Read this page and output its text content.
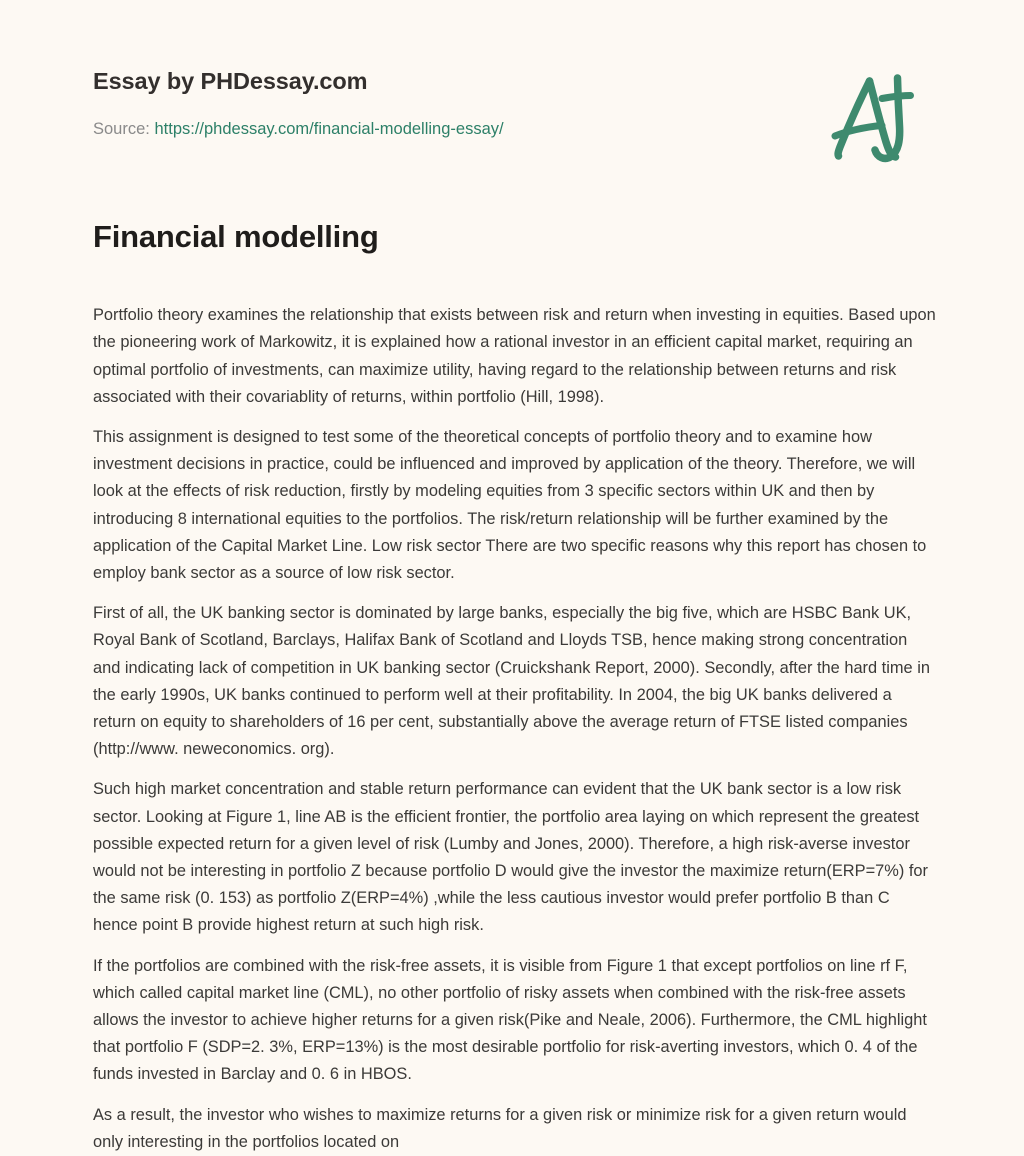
Essay by PHDessay.com
Source: https://phdessay.com/financial-modelling-essay/
Financial modelling

Portfolio theory examines the relationship that exists between risk and return when investing in equities. Based upon the pioneering work of Markowitz, it is explained how a rational investor in an efficient capital market, requiring an optimal portfolio of investments, can maximize utility, having regard to the relationship between returns and risk associated with their covariablity of returns, within portfolio (Hill, 1998).

This assignment is designed to test some of the theoretical concepts of portfolio theory and to examine how investment decisions in practice, could be influenced and improved by application of the theory. Therefore, we will look at the effects of risk reduction, firstly by modeling equities from 3 specific sectors within UK and then by introducing 8 international equities to the portfolios. The risk/return relationship will be further examined by the application of the Capital Market Line. Low risk sector There are two specific reasons why this report has chosen to employ bank sector as a source of low risk sector.

First of all, the UK banking sector is dominated by large banks, especially the big five, which are HSBC Bank UK, Royal Bank of Scotland, Barclays, Halifax Bank of Scotland and Lloyds TSB, hence making strong concentration and indicating lack of competition in UK banking sector (Cruickshank Report, 2000). Secondly, after the hard time in the early 1990s, UK banks continued to perform well at their profitability. In 2004, the big UK banks delivered a return on equity to shareholders of 16 per cent, substantially above the average return of FTSE listed companies (http://www. neweconomics. org).

Such high market concentration and stable return performance can evident that the UK bank sector is a low risk sector. Looking at Figure 1, line AB is the efficient frontier, the portfolio area laying on which represent the greatest possible expected return for a given level of risk (Lumby and Jones, 2000). Therefore, a high risk-averse investor would not be interesting in portfolio Z because portfolio D would give the investor the maximize return(ERP=7%) for the same risk (0. 153) as portfolio Z(ERP=4%) ,while the less cautious investor would prefer portfolio B than C hence point B provide highest return at such high risk.

If the portfolios are combined with the risk-free assets, it is visible from Figure 1 that except portfolios on line rf F, which called capital market line (CML), no other portfolio of risky assets when combined with the risk-free assets allows the investor to achieve higher returns for a given risk(Pike and Neale, 2006). Furthermore, the CML highlight that portfolio F (SDP=2. 3%, ERP=13%) is the most desirable portfolio for risk-averting investors, which 0. 4 of the funds invested in Barclay and 0. 6 in HBOS.

As a result, the investor who wishes to maximize returns for a given risk or minimize risk for a given return would only interesting in the portfolios located on
